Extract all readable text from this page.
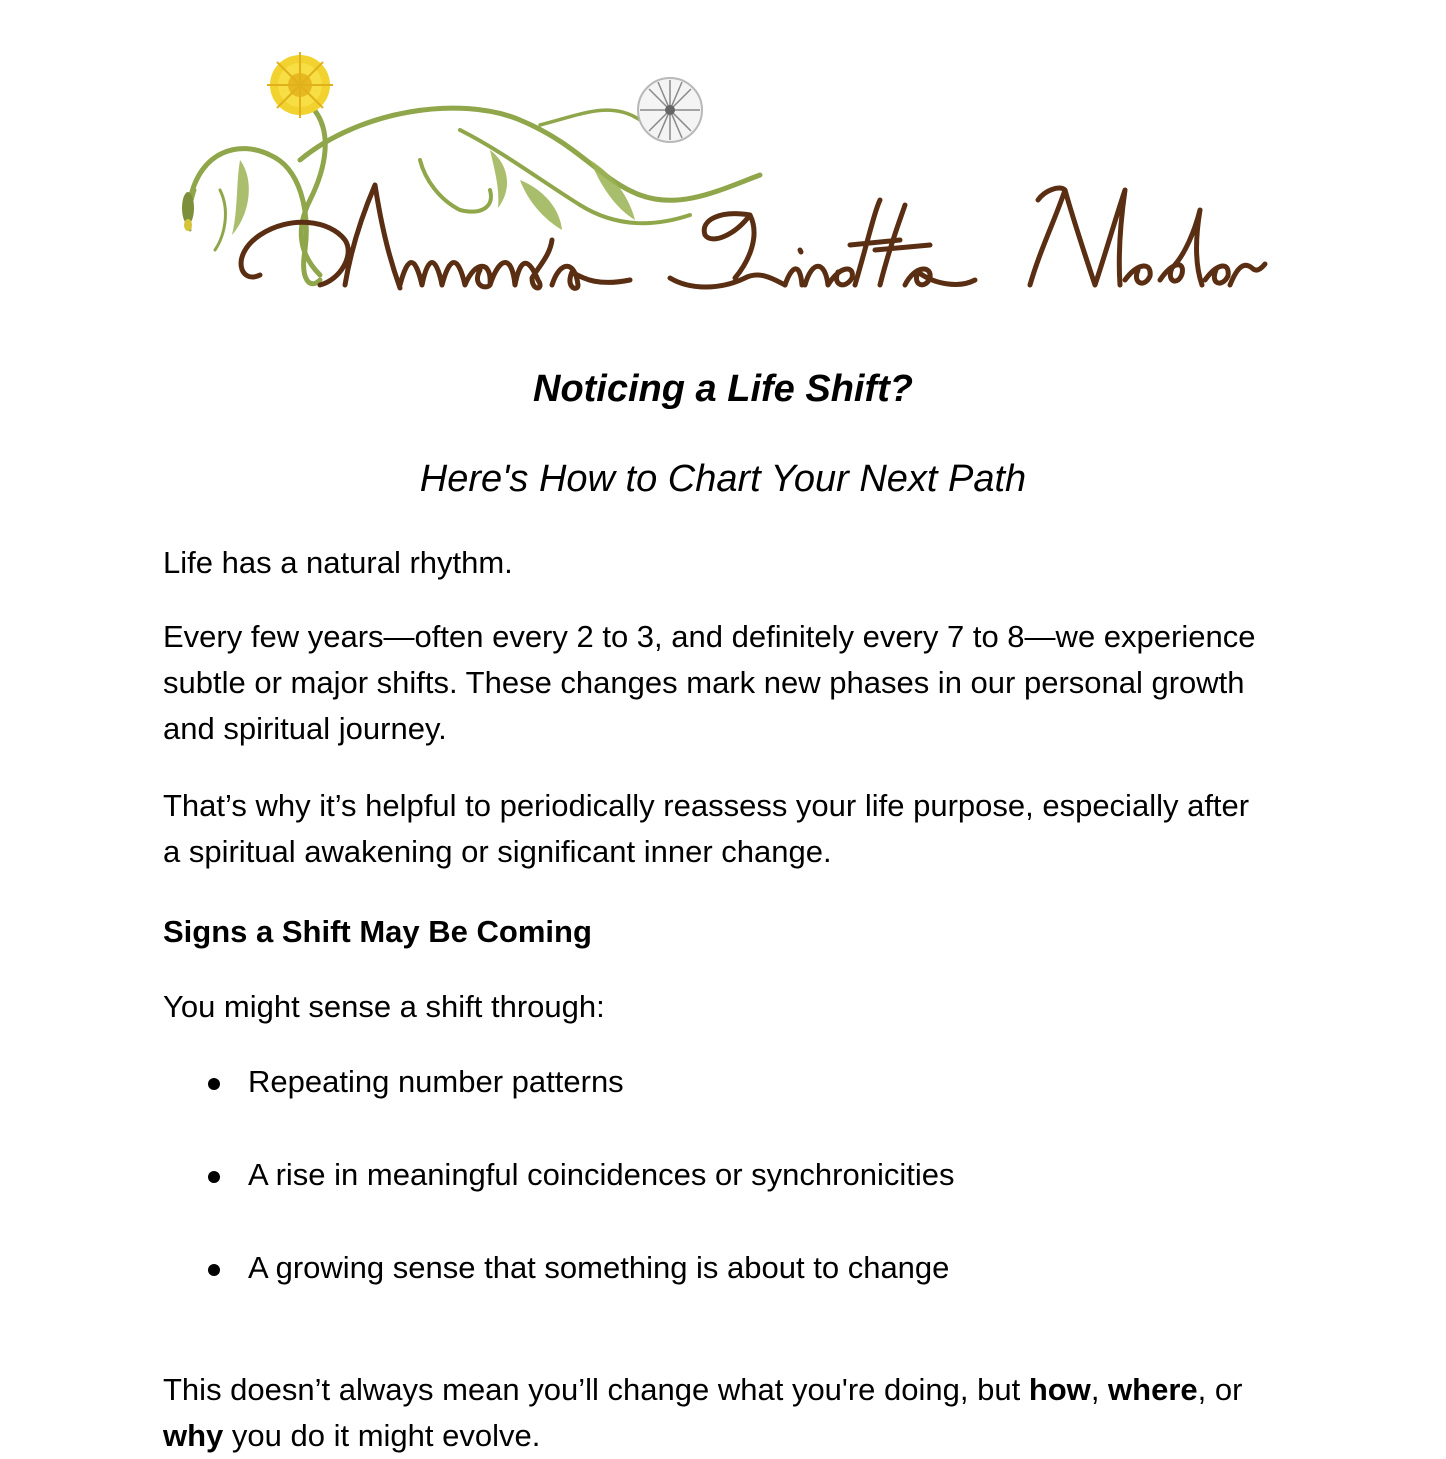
Noticing a Life Shift?
Here's How to Chart Your Next Path

Life has a natural rhythm.

Every few years—often every 2 to 3, and definitely every 7 to 8—we experience subtle or major shifts. These changes mark new phases in our personal growth and spiritual journey.

That’s why it’s helpful to periodically reassess your life purpose, especially after a spiritual awakening or significant inner change.

Signs a Shift May Be Coming

You might sense a shift through:

Repeating number patterns
A rise in meaningful coincidences or synchronicities
A growing sense that something is about to change

This doesn’t always mean you’ll change what you're doing, but how, where, or why you do it might evolve.
